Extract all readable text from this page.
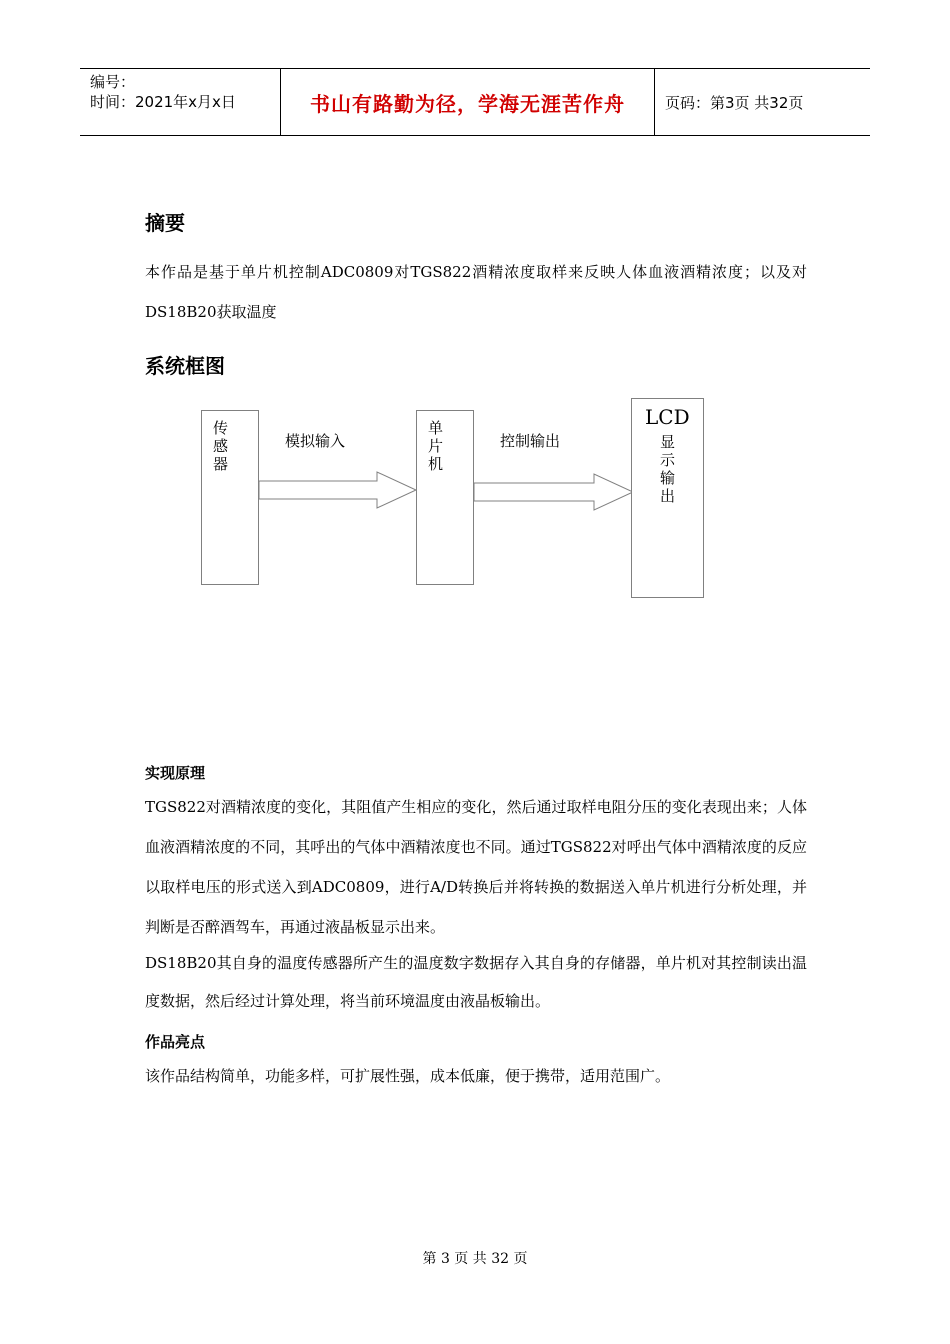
编号：
时间：2021年x月x日	书山有路勤为径，学海无涯苦作舟	页码：第3页 共32页
摘要
本作品是基于单片机控制ADC0809对TGS822酒精浓度取样来反映人体血液酒精浓度；以及对DS18B20获取温度
系统框图
传感器
模拟输入
单片机
控制输出
LCD
显示输出
实现原理
TGS822对酒精浓度的变化，其阻值产生相应的变化，然后通过取样电阻分压的变化表现出来；人体血液酒精浓度的不同，其呼出的气体中酒精浓度也不同。通过TGS822对呼出气体中酒精浓度的反应以取样电压的形式送入到ADC0809，进行A/D转换后并将转换的数据送入单片机进行分析处理，并判断是否醉酒驾车，再通过液晶板显示出来。
DS18B20其自身的温度传感器所产生的温度数字数据存入其自身的存储器，单片机对其控制读出温度数据，然后经过计算处理，将当前环境温度由液晶板输出。
作品亮点
该作品结构简单，功能多样，可扩展性强，成本低廉，便于携带，适用范围广。
第 3 页 共 32 页
